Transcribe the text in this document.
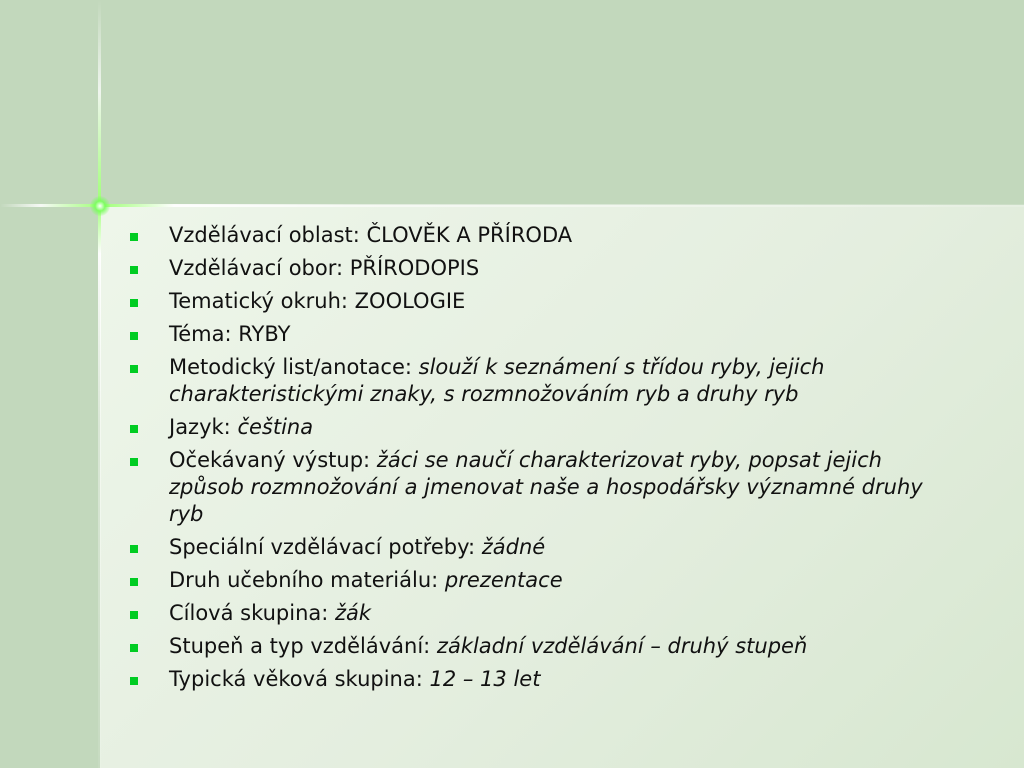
Vzdělávací oblast: ČLOVĚK A PŘÍRODA
Vzdělávací obor: PŘÍRODOPIS
Tematický okruh: ZOOLOGIE
Téma: RYBY
Metodický list/anotace: slouží k seznámení s třídou ryby, jejich charakteristickými znaky, s rozmnožováním ryb a druhy ryb
Jazyk: čeština
Očekávaný výstup: žáci se naučí charakterizovat ryby, popsat jejich způsob rozmnožování a jmenovat naše a hospodářsky významné druhy ryb
Speciální vzdělávací potřeby: žádné
Druh učebního materiálu: prezentace
Cílová skupina: žák
Stupeň a typ vzdělávání: základní vzdělávání – druhý stupeň
Typická věková skupina: 12 – 13 let
